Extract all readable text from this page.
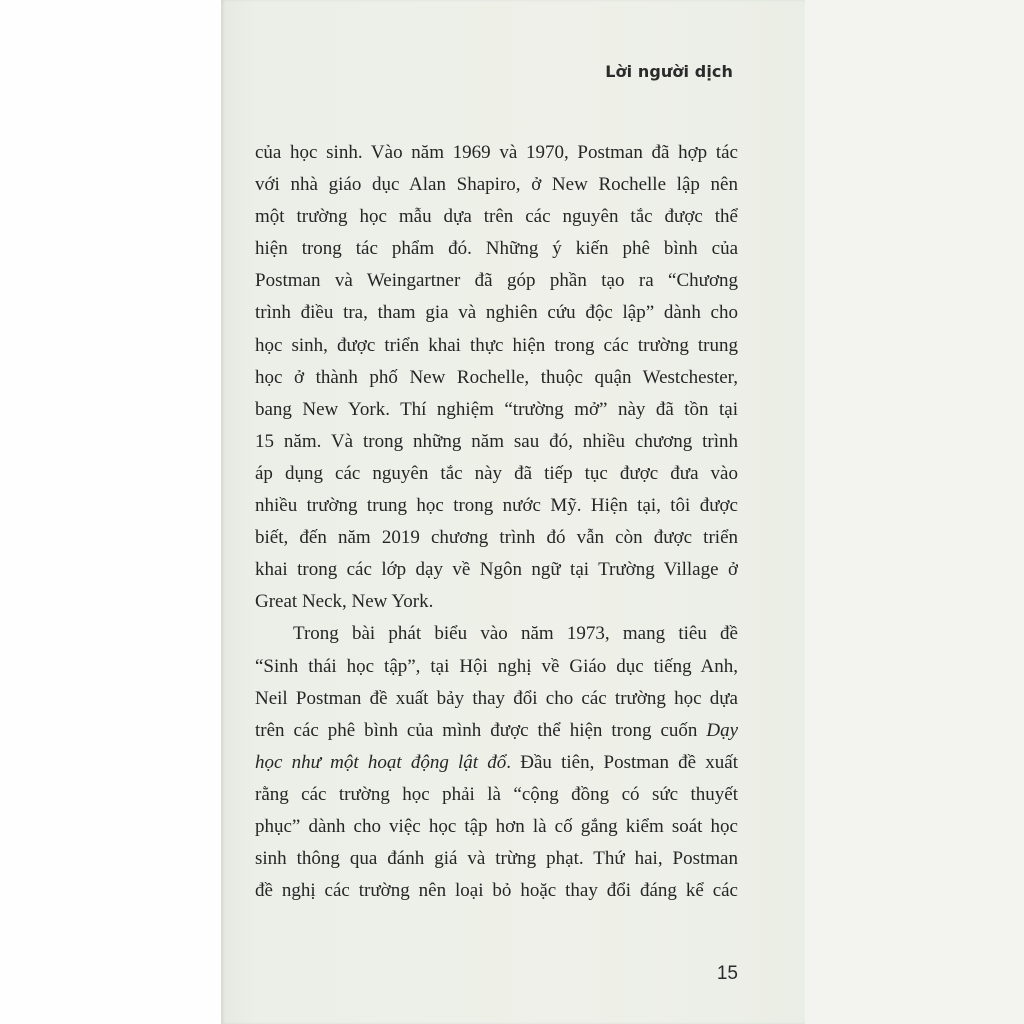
Lời người dịch
của học sinh. Vào năm 1969 và 1970, Postman đã hợp tác
với nhà giáo dục Alan Shapiro, ở New Rochelle lập nên
một trường học mẫu dựa trên các nguyên tắc được thể
hiện trong tác phẩm đó. Những ý kiến phê bình của
Postman và Weingartner đã góp phần tạo ra “Chương
trình điều tra, tham gia và nghiên cứu độc lập” dành cho
học sinh, được triển khai thực hiện trong các trường trung
học ở thành phố New Rochelle, thuộc quận Westchester,
bang New York. Thí nghiệm “trường mở” này đã tồn tại
15 năm. Và trong những năm sau đó, nhiều chương trình
áp dụng các nguyên tắc này đã tiếp tục được đưa vào
nhiều trường trung học trong nước Mỹ. Hiện tại, tôi được
biết, đến năm 2019 chương trình đó vẫn còn được triển
khai trong các lớp dạy về Ngôn ngữ tại Trường Village ở
Great Neck, New York.
Trong bài phát biểu vào năm 1973, mang tiêu đề
“Sinh thái học tập”, tại Hội nghị về Giáo dục tiếng Anh,
Neil Postman đề xuất bảy thay đổi cho các trường học dựa
trên các phê bình của mình được thể hiện trong cuốn Dạy
học như một hoạt động lật đổ. Đầu tiên, Postman đề xuất
rằng các trường học phải là “cộng đồng có sức thuyết
phục” dành cho việc học tập hơn là cố gắng kiểm soát học
sinh thông qua đánh giá và trừng phạt. Thứ hai, Postman
đề nghị các trường nên loại bỏ hoặc thay đổi đáng kể các
15
